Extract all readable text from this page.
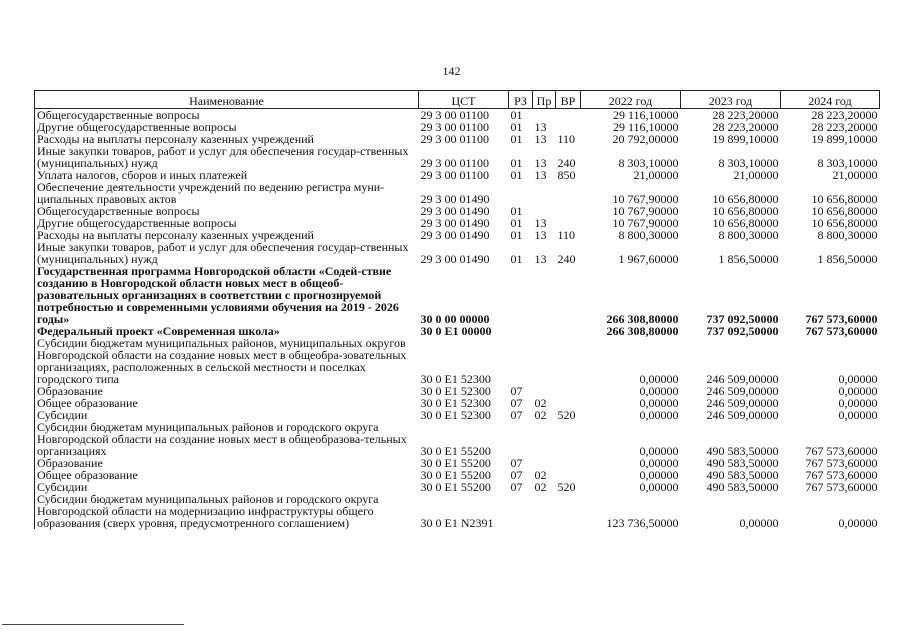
142
Наименование	ЦСТ	РЗ	Пр	ВР	2022 год	2023 год	2024 год
Общегосударственные вопросы	29 3 00 01100	01			29 116,10000	28 223,20000	28 223,20000
Другие общегосударственные вопросы	29 3 00 01100	01	13		29 116,10000	28 223,20000	28 223,20000
Расходы на выплаты персоналу казенных учреждений	29 3 00 01100	01	13	110	20 792,00000	19 899,10000	19 899,10000
Иные закупки товаров, работ и услуг для обеспечения государ-ственных (муниципальных) нужд	29 3 00 01100	01	13	240	8 303,10000	8 303,10000	8 303,10000
Уплата налогов, сборов и иных платежей	29 3 00 01100	01	13	850	21,00000	21,00000	21,00000
Обеспечение деятельности учреждений по ведению регистра муни-ципальных правовых актов	29 3 00 01490				10 767,90000	10 656,80000	10 656,80000
Общегосударственные вопросы	29 3 00 01490	01			10 767,90000	10 656,80000	10 656,80000
Другие общегосударственные вопросы	29 3 00 01490	01	13		10 767,90000	10 656,80000	10 656,80000
Расходы на выплаты персоналу казенных учреждений	29 3 00 01490	01	13	110	8 800,30000	8 800,30000	8 800,30000
Иные закупки товаров, работ и услуг для обеспечения государ-ственных (муниципальных) нужд	29 3 00 01490	01	13	240	1 967,60000	1 856,50000	1 856,50000
Государственная программа Новгородской области «Содей-ствие созданию в Новгородской области новых мест в общеоб-разовательных организациях в соответствии с прогнозируемой потребностью и современными условиями обучения на 2019 - 2026 годы»	30 0 00 00000				266 308,80000	737 092,50000	767 573,60000
Федеральный проект «Современная школа»	30 0 E1 00000				266 308,80000	737 092,50000	767 573,60000
Субсидии бюджетам муниципальных районов, муниципальных округов Новгородской области на создание новых мест в общеобра-зовательных организациях, расположенных в сельской местности и поселках городского типа	30 0 E1 52300				0,00000	246 509,00000	0,00000
Образование	30 0 E1 52300	07			0,00000	246 509,00000	0,00000
Общее образование	30 0 E1 52300	07	02		0,00000	246 509,00000	0,00000
Субсидии	30 0 E1 52300	07	02	520	0,00000	246 509,00000	0,00000
Субсидии бюджетам муниципальных районов и городского округа Новгородской области на создание новых мест в общеобразова-тельных организациях	30 0 E1 55200				0,00000	490 583,50000	767 573,60000
Образование	30 0 E1 55200	07			0,00000	490 583,50000	767 573,60000
Общее образование	30 0 E1 55200	07	02		0,00000	490 583,50000	767 573,60000
Субсидии	30 0 E1 55200	07	02	520	0,00000	490 583,50000	767 573,60000
Субсидии бюджетам муниципальных районов и городского округа Новгородской области на модернизацию инфраструктуры общего образования (сверх уровня, предусмотренного соглашением)	30 0 E1 N2391				123 736,50000	0,00000	0,00000
